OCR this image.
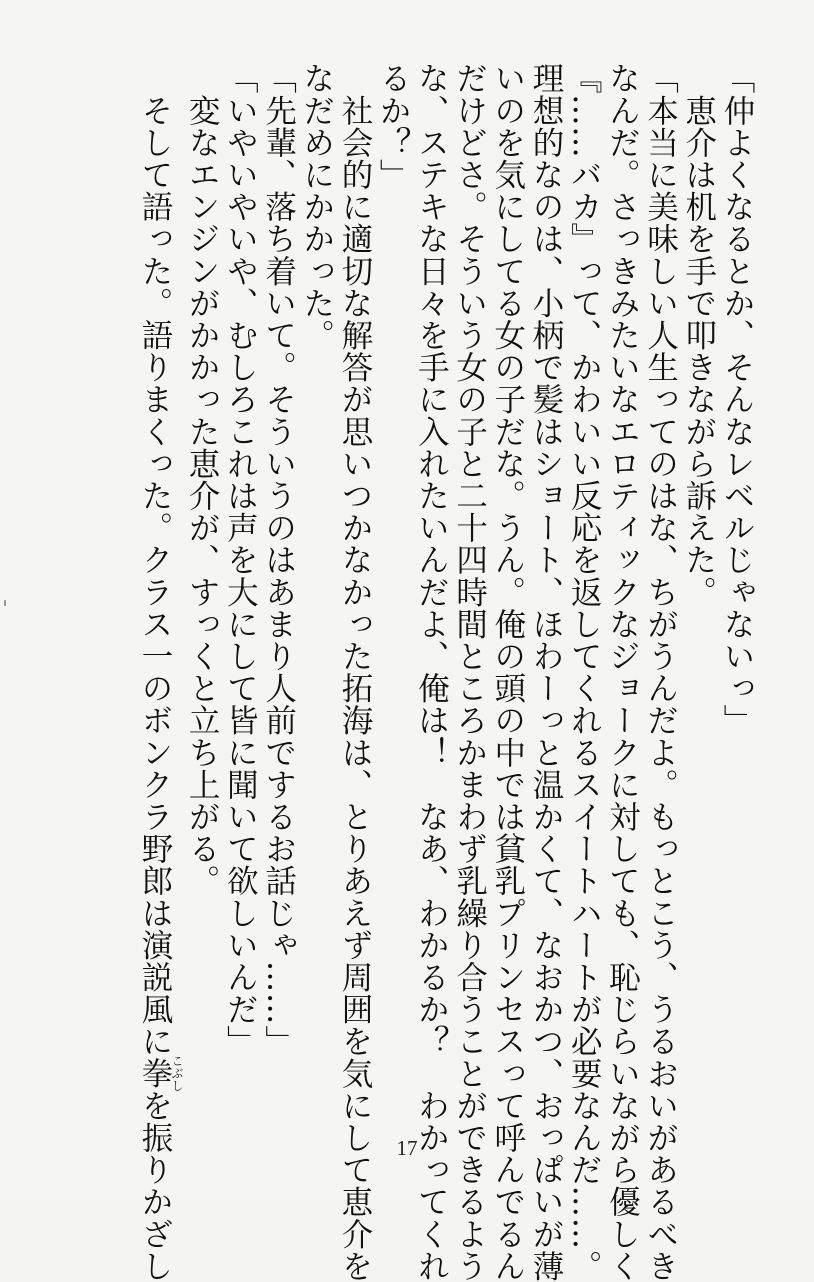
「仲よくなるとか、そんなレベルじゃないっ」
　恵介は机を手で叩きながら訴えた。
「本当に美味しい人生ってのはな、ちがうんだよ。もっとこう、うるおいがあるべき
なんだ。さっきみたいなエロティックなジョークに対しても、恥じらいながら優しく
『……バカ』って、かわいい反応を返してくれるスイートハートが必要なんだ……。
理想的なのは、小柄で髪はショート、ほわーっと温かくて、なおかつ、おっぱいが薄
いのを気にしてる女の子だな。うん。俺の頭の中では貧乳プリンセスって呼んでるん
だけどさ。そういう女の子と二十四時間ところかまわず乳繰り合うことができるよう
な、ステキな日々を手に入れたいんだよ、俺は！　なあ、わかるか？　わかってくれ
るか？」
　社会的に適切な解答が思いつかなかった拓海は、とりあえず周囲を気にして恵介を
なだめにかかった。
「先輩、落ち着いて。そういうのはあまり人前でするお話じゃ……」
「いやいやいや、むしろこれは声を大にして皆に聞いて欲しいんだ」
　変なエンジンがかかった恵介が、すっくと立ち上がる。
　そして語った。語りまくった。クラス一のボンクラ野郎は演説風に拳こぶしを振りかざし	17
